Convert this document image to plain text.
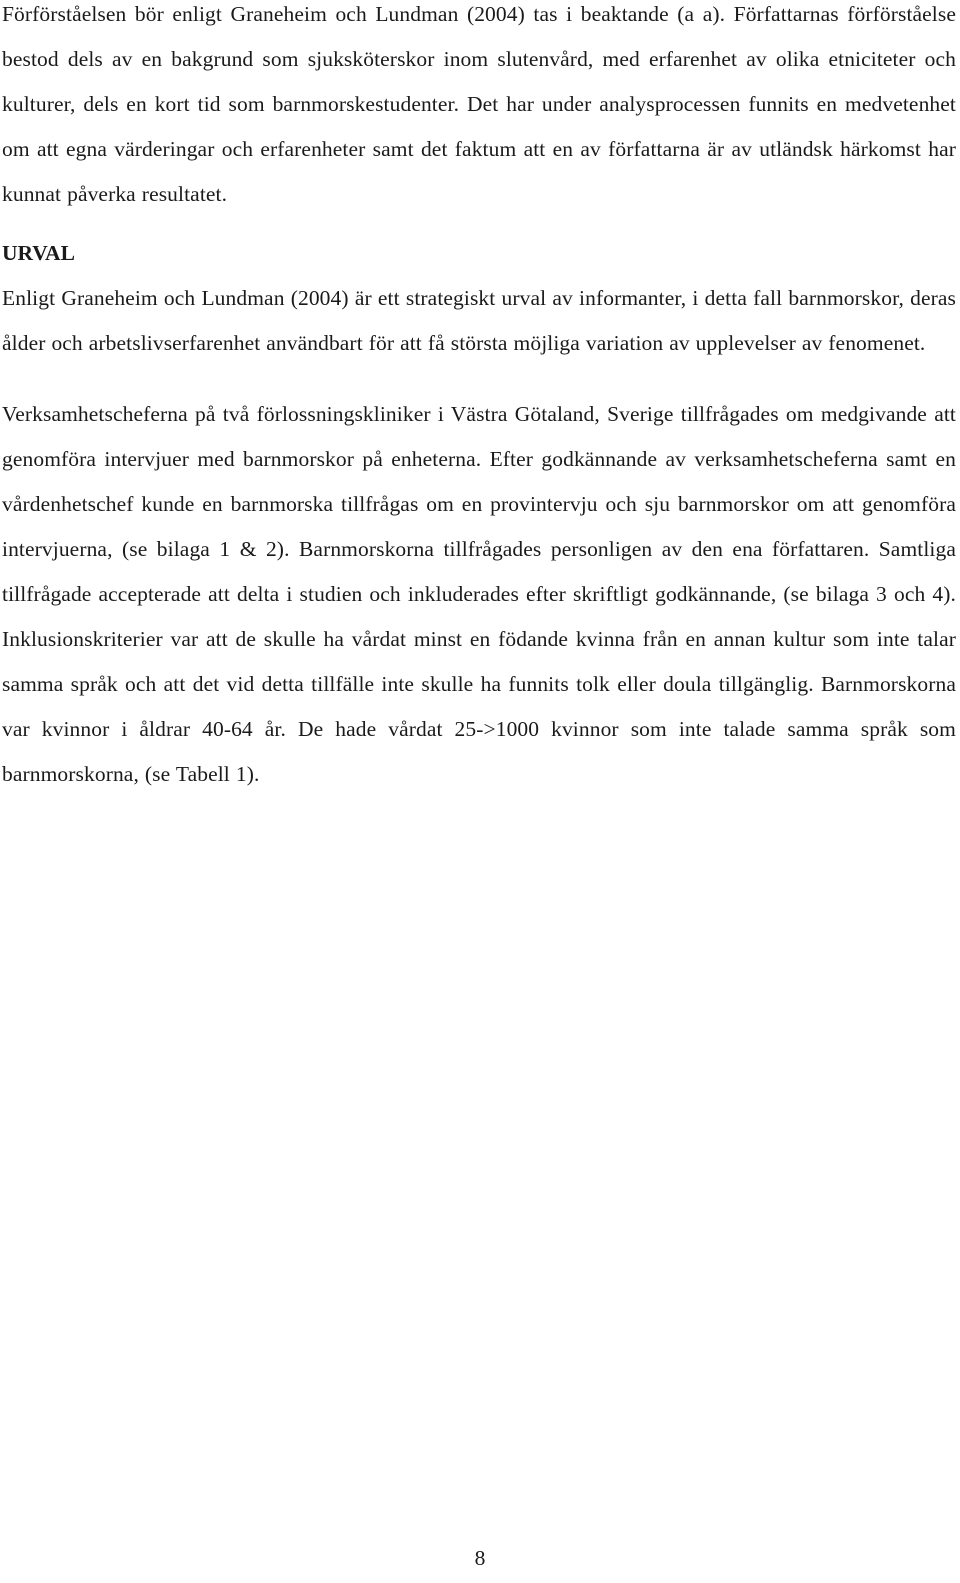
Förförståelsen bör enligt Graneheim och Lundman (2004) tas i beaktande (a a). Författarnas förförståelse bestod dels av en bakgrund som sjuksköterskor inom slutenvård, med erfarenhet av olika etniciteter och kulturer, dels en kort tid som barnmorskestudenter. Det har under analysprocessen funnits en medvetenhet om att egna värderingar och erfarenheter samt det faktum att en av författarna är av utländsk härkomst har kunnat påverka resultatet.

URVAL

Enligt Graneheim och Lundman (2004) är ett strategiskt urval av informanter, i detta fall barnmorskor, deras ålder och arbetslivserfarenhet användbart för att få största möjliga variation av upplevelser av fenomenet.

Verksamhetscheferna på två förlossningskliniker i Västra Götaland, Sverige tillfrågades om medgivande att genomföra intervjuer med barnmorskor på enheterna. Efter godkännande av verksamhetscheferna samt en vårdenhetschef kunde en barnmorska tillfrågas om en provintervju och sju barnmorskor om att genomföra intervjuerna, (se bilaga 1 & 2). Barnmorskorna tillfrågades personligen av den ena författaren. Samtliga tillfrågade accepterade att delta i studien och inkluderades efter skriftligt godkännande, (se bilaga 3 och 4). Inklusionskriterier var att de skulle ha vårdat minst en födande kvinna från en annan kultur som inte talar samma språk och att det vid detta tillfälle inte skulle ha funnits tolk eller doula tillgänglig. Barnmorskorna var kvinnor i åldrar 40-64 år. De hade vårdat 25->1000 kvinnor som inte talade samma språk som barnmorskorna, (se Tabell 1).

8
